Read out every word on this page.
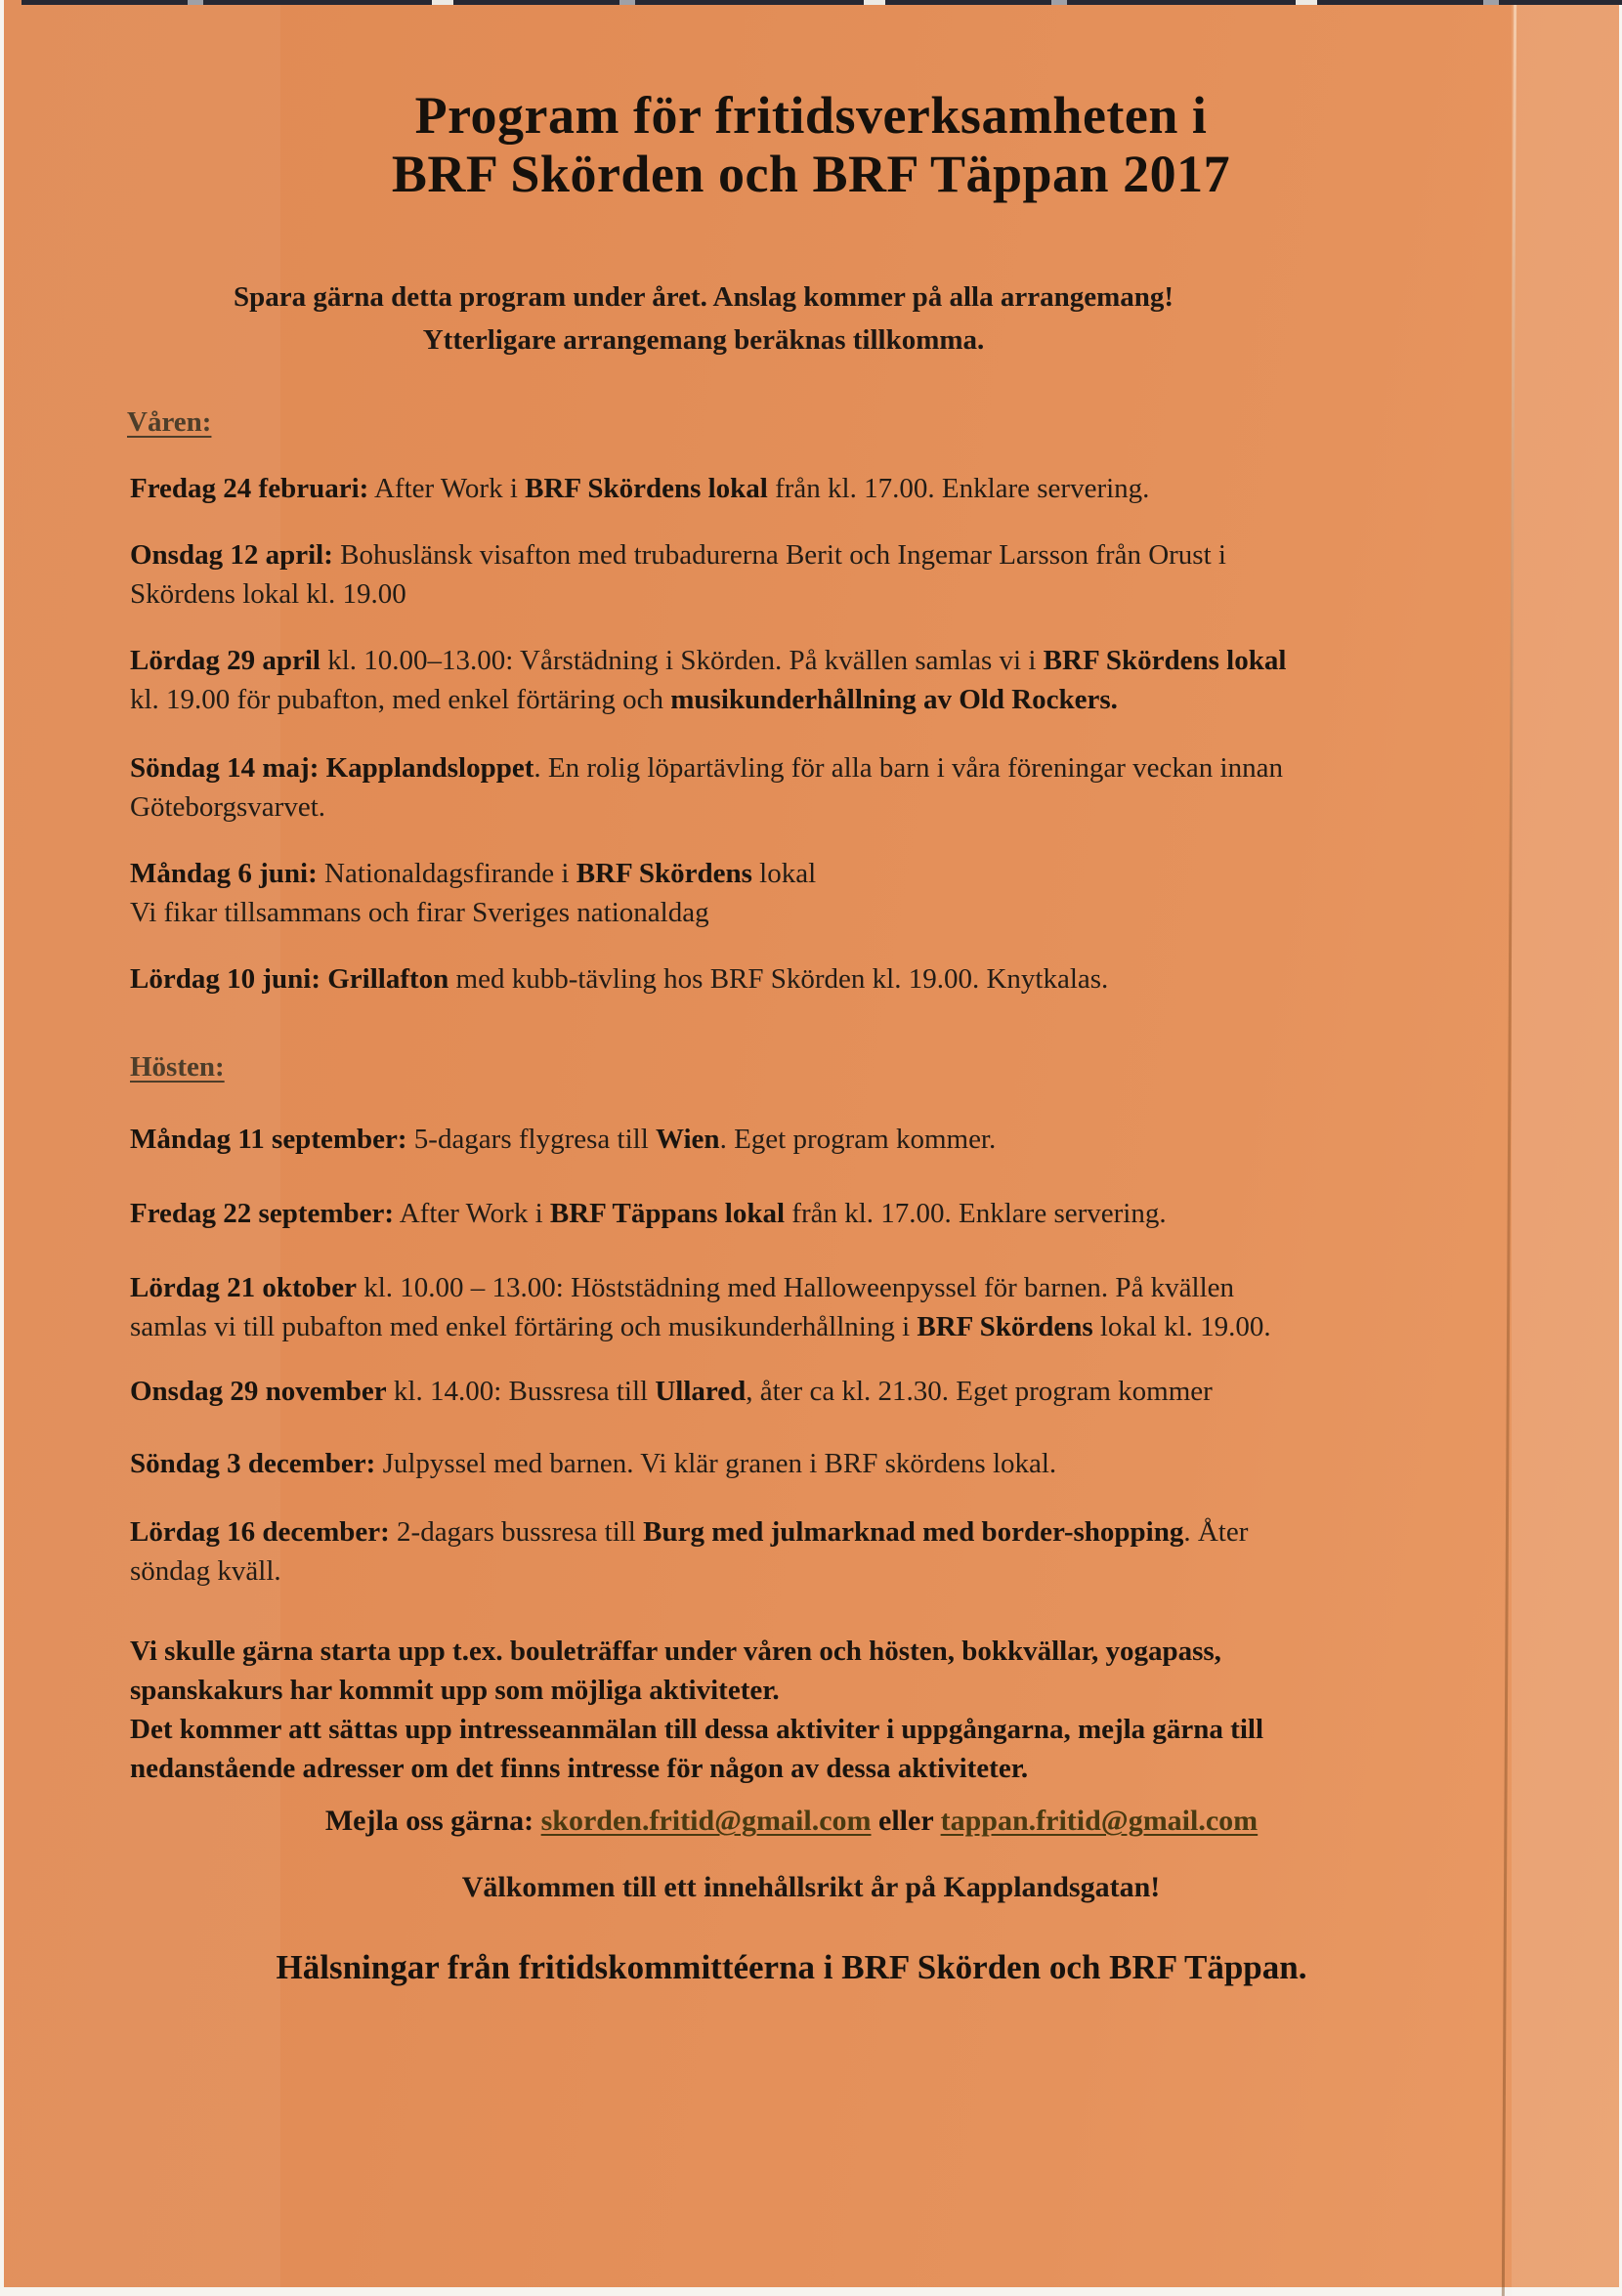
Program för fritidsverksamheten i
BRF Skörden och BRF Täppan 2017
Spara gärna detta program under året. Anslag kommer på alla arrangemang!
Ytterligare arrangemang beräknas tillkomma.
Våren:
Fredag 24 februari: After Work i BRF Skördens lokal från kl. 17.00. Enklare servering.
Onsdag 12 april: Bohuslänsk visafton med trubadurerna Berit och Ingemar Larsson från Orust i
Skördens lokal kl. 19.00
Lördag 29 april kl. 10.00–13.00: Vårstädning i Skörden. På kvällen samlas vi i BRF Skördens lokal
kl. 19.00 för pubafton, med enkel förtäring och musikunderhållning av Old Rockers.
Söndag 14 maj: Kapplandsloppet. En rolig löpartävling för alla barn i våra föreningar veckan innan
Göteborgsvarvet.
Måndag 6 juni: Nationaldagsfirande i BRF Skördens lokal
Vi fikar tillsammans och firar Sveriges nationaldag
Lördag 10 juni: Grillafton med kubb-tävling hos BRF Skörden kl. 19.00. Knytkalas.
Hösten:
Måndag 11 september: 5-dagars flygresa till Wien. Eget program kommer.
Fredag 22 september: After Work i BRF Täppans lokal från kl. 17.00. Enklare servering.
Lördag 21 oktober kl. 10.00 – 13.00: Höststädning med Halloweenpyssel för barnen. På kvällen
samlas vi till pubafton med enkel förtäring och musikunderhållning i BRF Skördens lokal kl. 19.00.
Onsdag 29 november kl. 14.00: Bussresa till Ullared, åter ca kl. 21.30. Eget program kommer
Söndag 3 december: Julpyssel med barnen. Vi klär granen i BRF skördens lokal.
Lördag 16 december: 2-dagars bussresa till Burg med julmarknad med border-shopping. Åter
söndag kväll.
Vi skulle gärna starta upp t.ex. bouleträffar under våren och hösten, bokkvällar, yogapass,
spanskakurs har kommit upp som möjliga aktiviteter.
Det kommer att sättas upp intresseanmälan till dessa aktiviter i uppgångarna, mejla gärna till
nedanstående adresser om det finns intresse för någon av dessa aktiviteter.
Mejla oss gärna: skorden.fritid@gmail.com eller tappan.fritid@gmail.com
Välkommen till ett innehållsrikt år på Kapplandsgatan!
Hälsningar från fritidskommittéerna i BRF Skörden och BRF Täppan.
